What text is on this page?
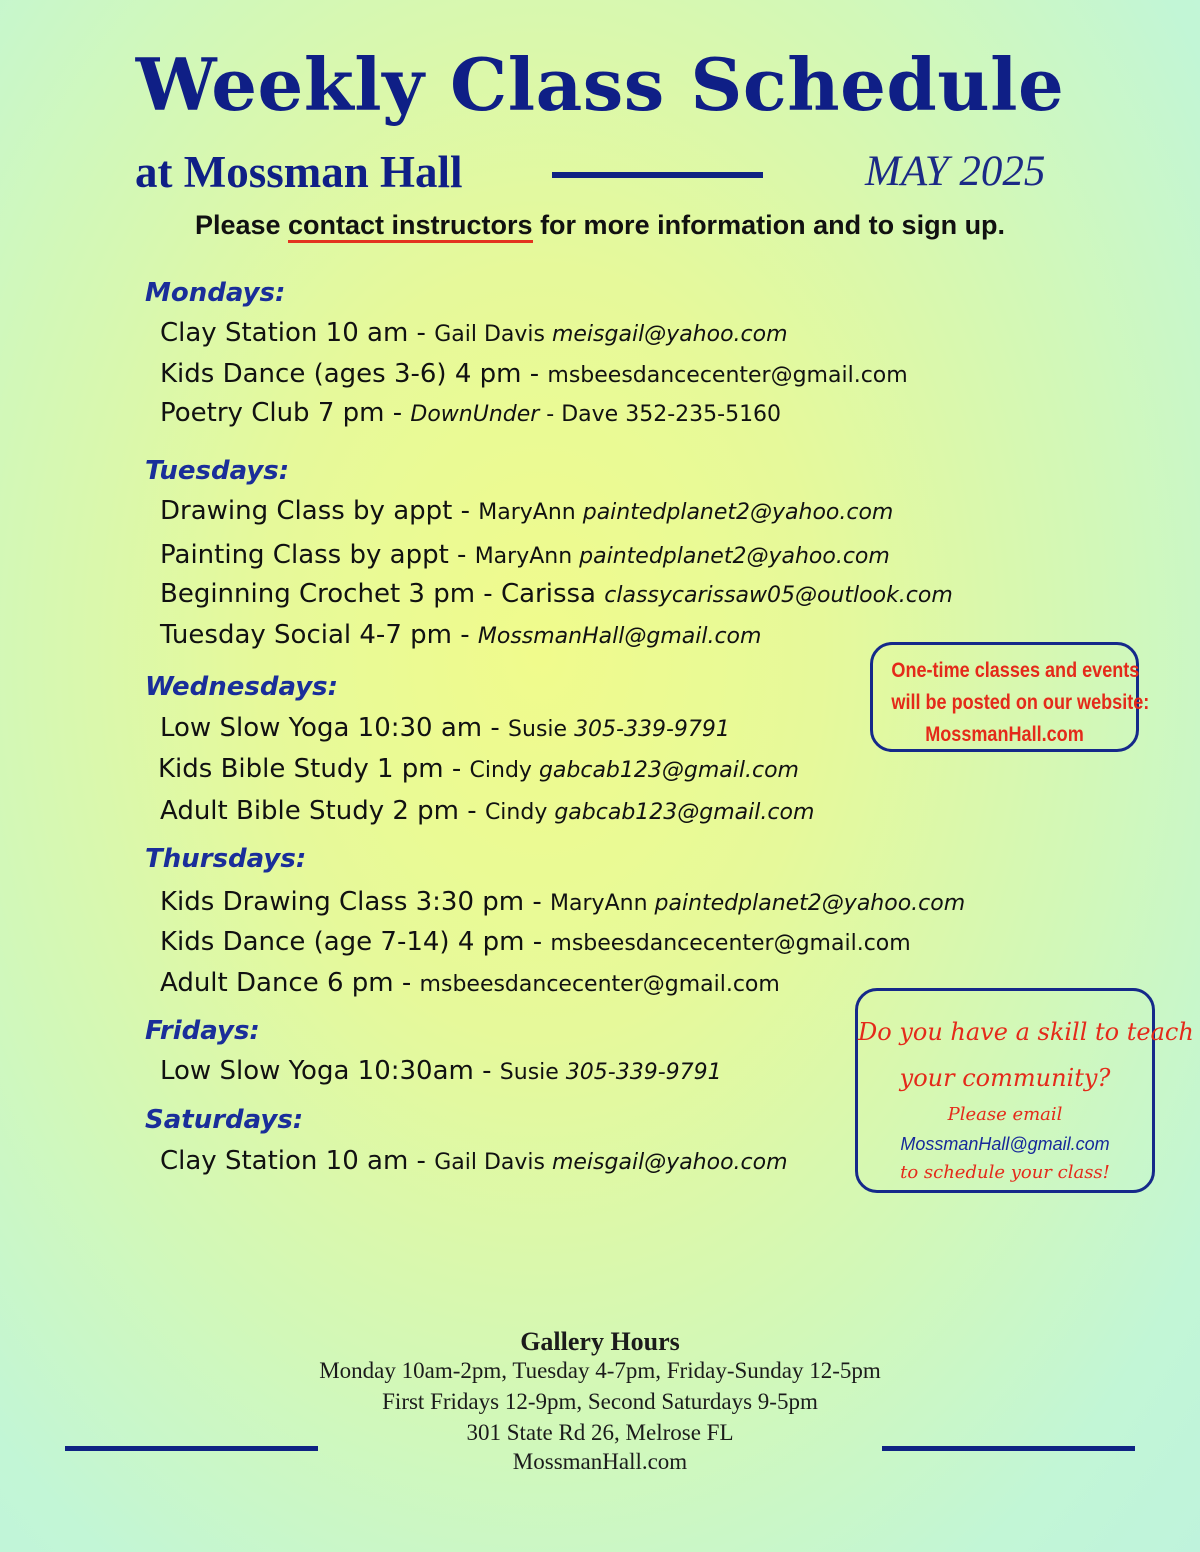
Weekly Class Schedule
at Mossman Hall	MAY 2025
Please contact instructors for more information and to sign up.
Mondays:
Clay Station 10 am - Gail Davis meisgail@yahoo.com
Kids Dance (ages 3-6) 4 pm - msbeesdancecenter@gmail.com
Poetry Club 7 pm - DownUnder - Dave 352-235-5160
Tuesdays:
Drawing Class by appt - MaryAnn paintedplanet2@yahoo.com
Painting Class by appt - MaryAnn paintedplanet2@yahoo.com
Beginning Crochet 3 pm - Carissa classycarissaw05@outlook.com
Tuesday Social 4-7 pm - MossmanHall@gmail.com
Wednesdays:
Low Slow Yoga 10:30 am - Susie 305-339-9791
Kids Bible Study 1 pm - Cindy gabcab123@gmail.com
Adult Bible Study 2 pm - Cindy gabcab123@gmail.com
Thursdays:
Kids Drawing Class 3:30 pm - MaryAnn paintedplanet2@yahoo.com
Kids Dance (age 7-14) 4 pm - msbeesdancecenter@gmail.com
Adult Dance 6 pm - msbeesdancecenter@gmail.com
Fridays:
Low Slow Yoga 10:30am - Susie 305-339-9791
Saturdays:
Clay Station 10 am - Gail Davis meisgail@yahoo.com
One-time classes and events
will be posted on our website:
MossmanHall.com
Do you have a skill to teach
your community?
Please email
MossmanHall@gmail.com
to schedule your class!
Gallery Hours
Monday 10am-2pm, Tuesday 4-7pm, Friday-Sunday 12-5pm
First Fridays 12-9pm, Second Saturdays 9-5pm
301 State Rd 26, Melrose FL
MossmanHall.com
